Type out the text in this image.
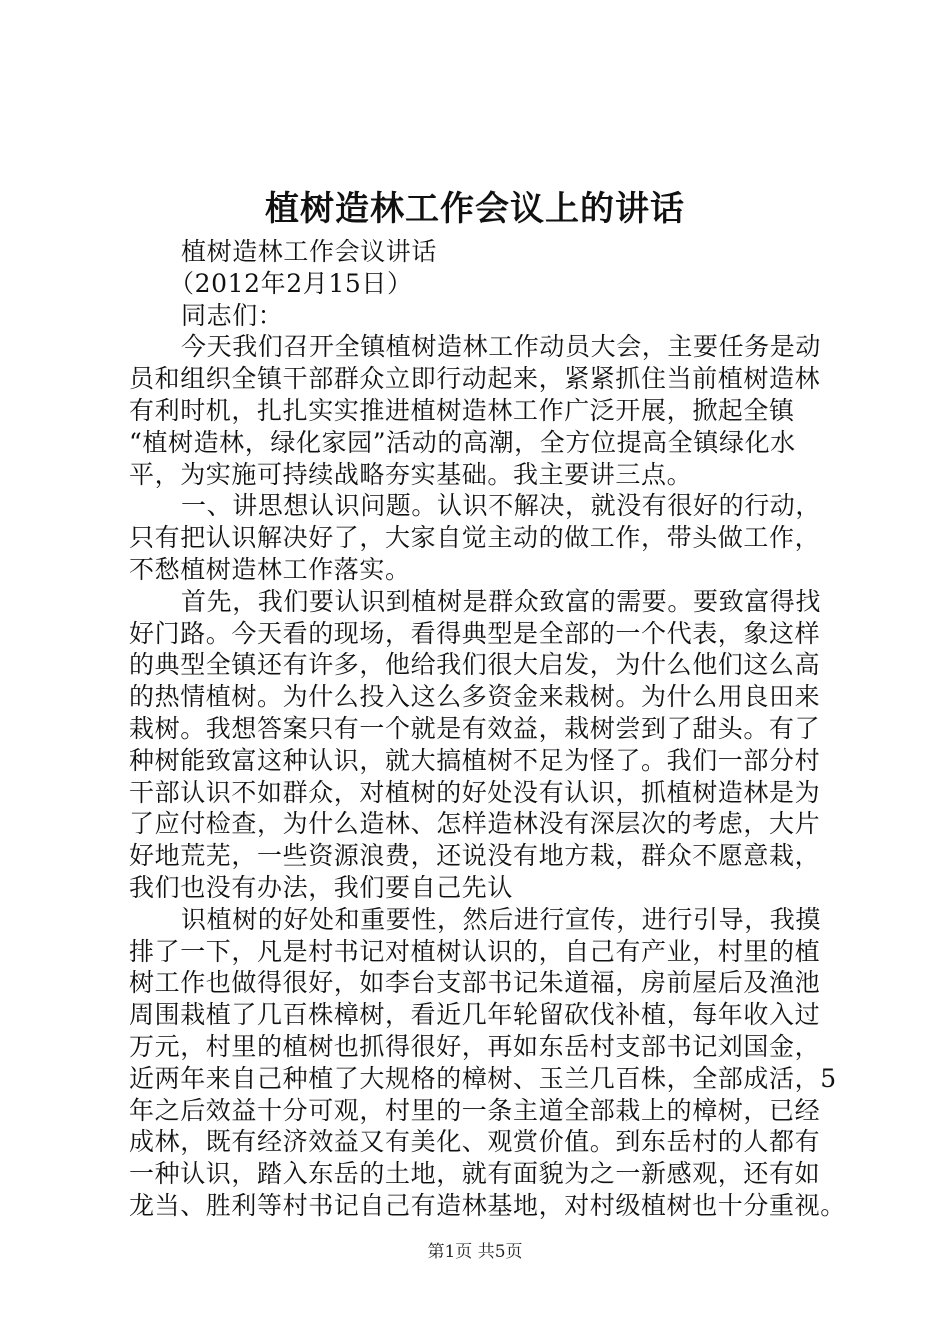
植树造林工作会议上的讲话
植树造林工作会议讲话
（2012年2月15日）
同志们：
今天我们召开全镇植树造林工作动员大会，主要任务是动
员和组织全镇干部群众立即行动起来，紧紧抓住当前植树造林
有利时机，扎扎实实推进植树造林工作广泛开展，掀起全镇
“植树造林，绿化家园”活动的高潮，全方位提高全镇绿化水
平，为实施可持续战略夯实基础。我主要讲三点。
一、讲思想认识问题。认识不解决，就没有很好的行动，
只有把认识解决好了，大家自觉主动的做工作，带头做工作，
不愁植树造林工作落实。
首先，我们要认识到植树是群众致富的需要。要致富得找
好门路。今天看的现场，看得典型是全部的一个代表，象这样
的典型全镇还有许多，他给我们很大启发，为什么他们这么高
的热情植树。为什么投入这么多资金来栽树。为什么用良田来
栽树。我想答案只有一个就是有效益，栽树尝到了甜头。有了
种树能致富这种认识，就大搞植树不足为怪了。我们一部分村
干部认识不如群众，对植树的好处没有认识，抓植树造林是为
了应付检查，为什么造林、怎样造林没有深层次的考虑，大片
好地荒芜，一些资源浪费，还说没有地方栽，群众不愿意栽，
我们也没有办法，我们要自己先认
识植树的好处和重要性，然后进行宣传，进行引导，我摸
排了一下，凡是村书记对植树认识的，自己有产业，村里的植
树工作也做得很好，如李台支部书记朱道福，房前屋后及渔池
周围栽植了几百株樟树，看近几年轮留砍伐补植，每年收入过
万元，村里的植树也抓得很好，再如东岳村支部书记刘国金，
近两年来自己种植了大规格的樟树、玉兰几百株，全部成活，5
年之后效益十分可观，村里的一条主道全部栽上的樟树，已经
成林，既有经济效益又有美化、观赏价值。到东岳村的人都有
一种认识，踏入东岳的土地，就有面貌为之一新感观，还有如
龙当、胜利等村书记自己有造林基地，对村级植树也十分重视。
第1页 共5页
